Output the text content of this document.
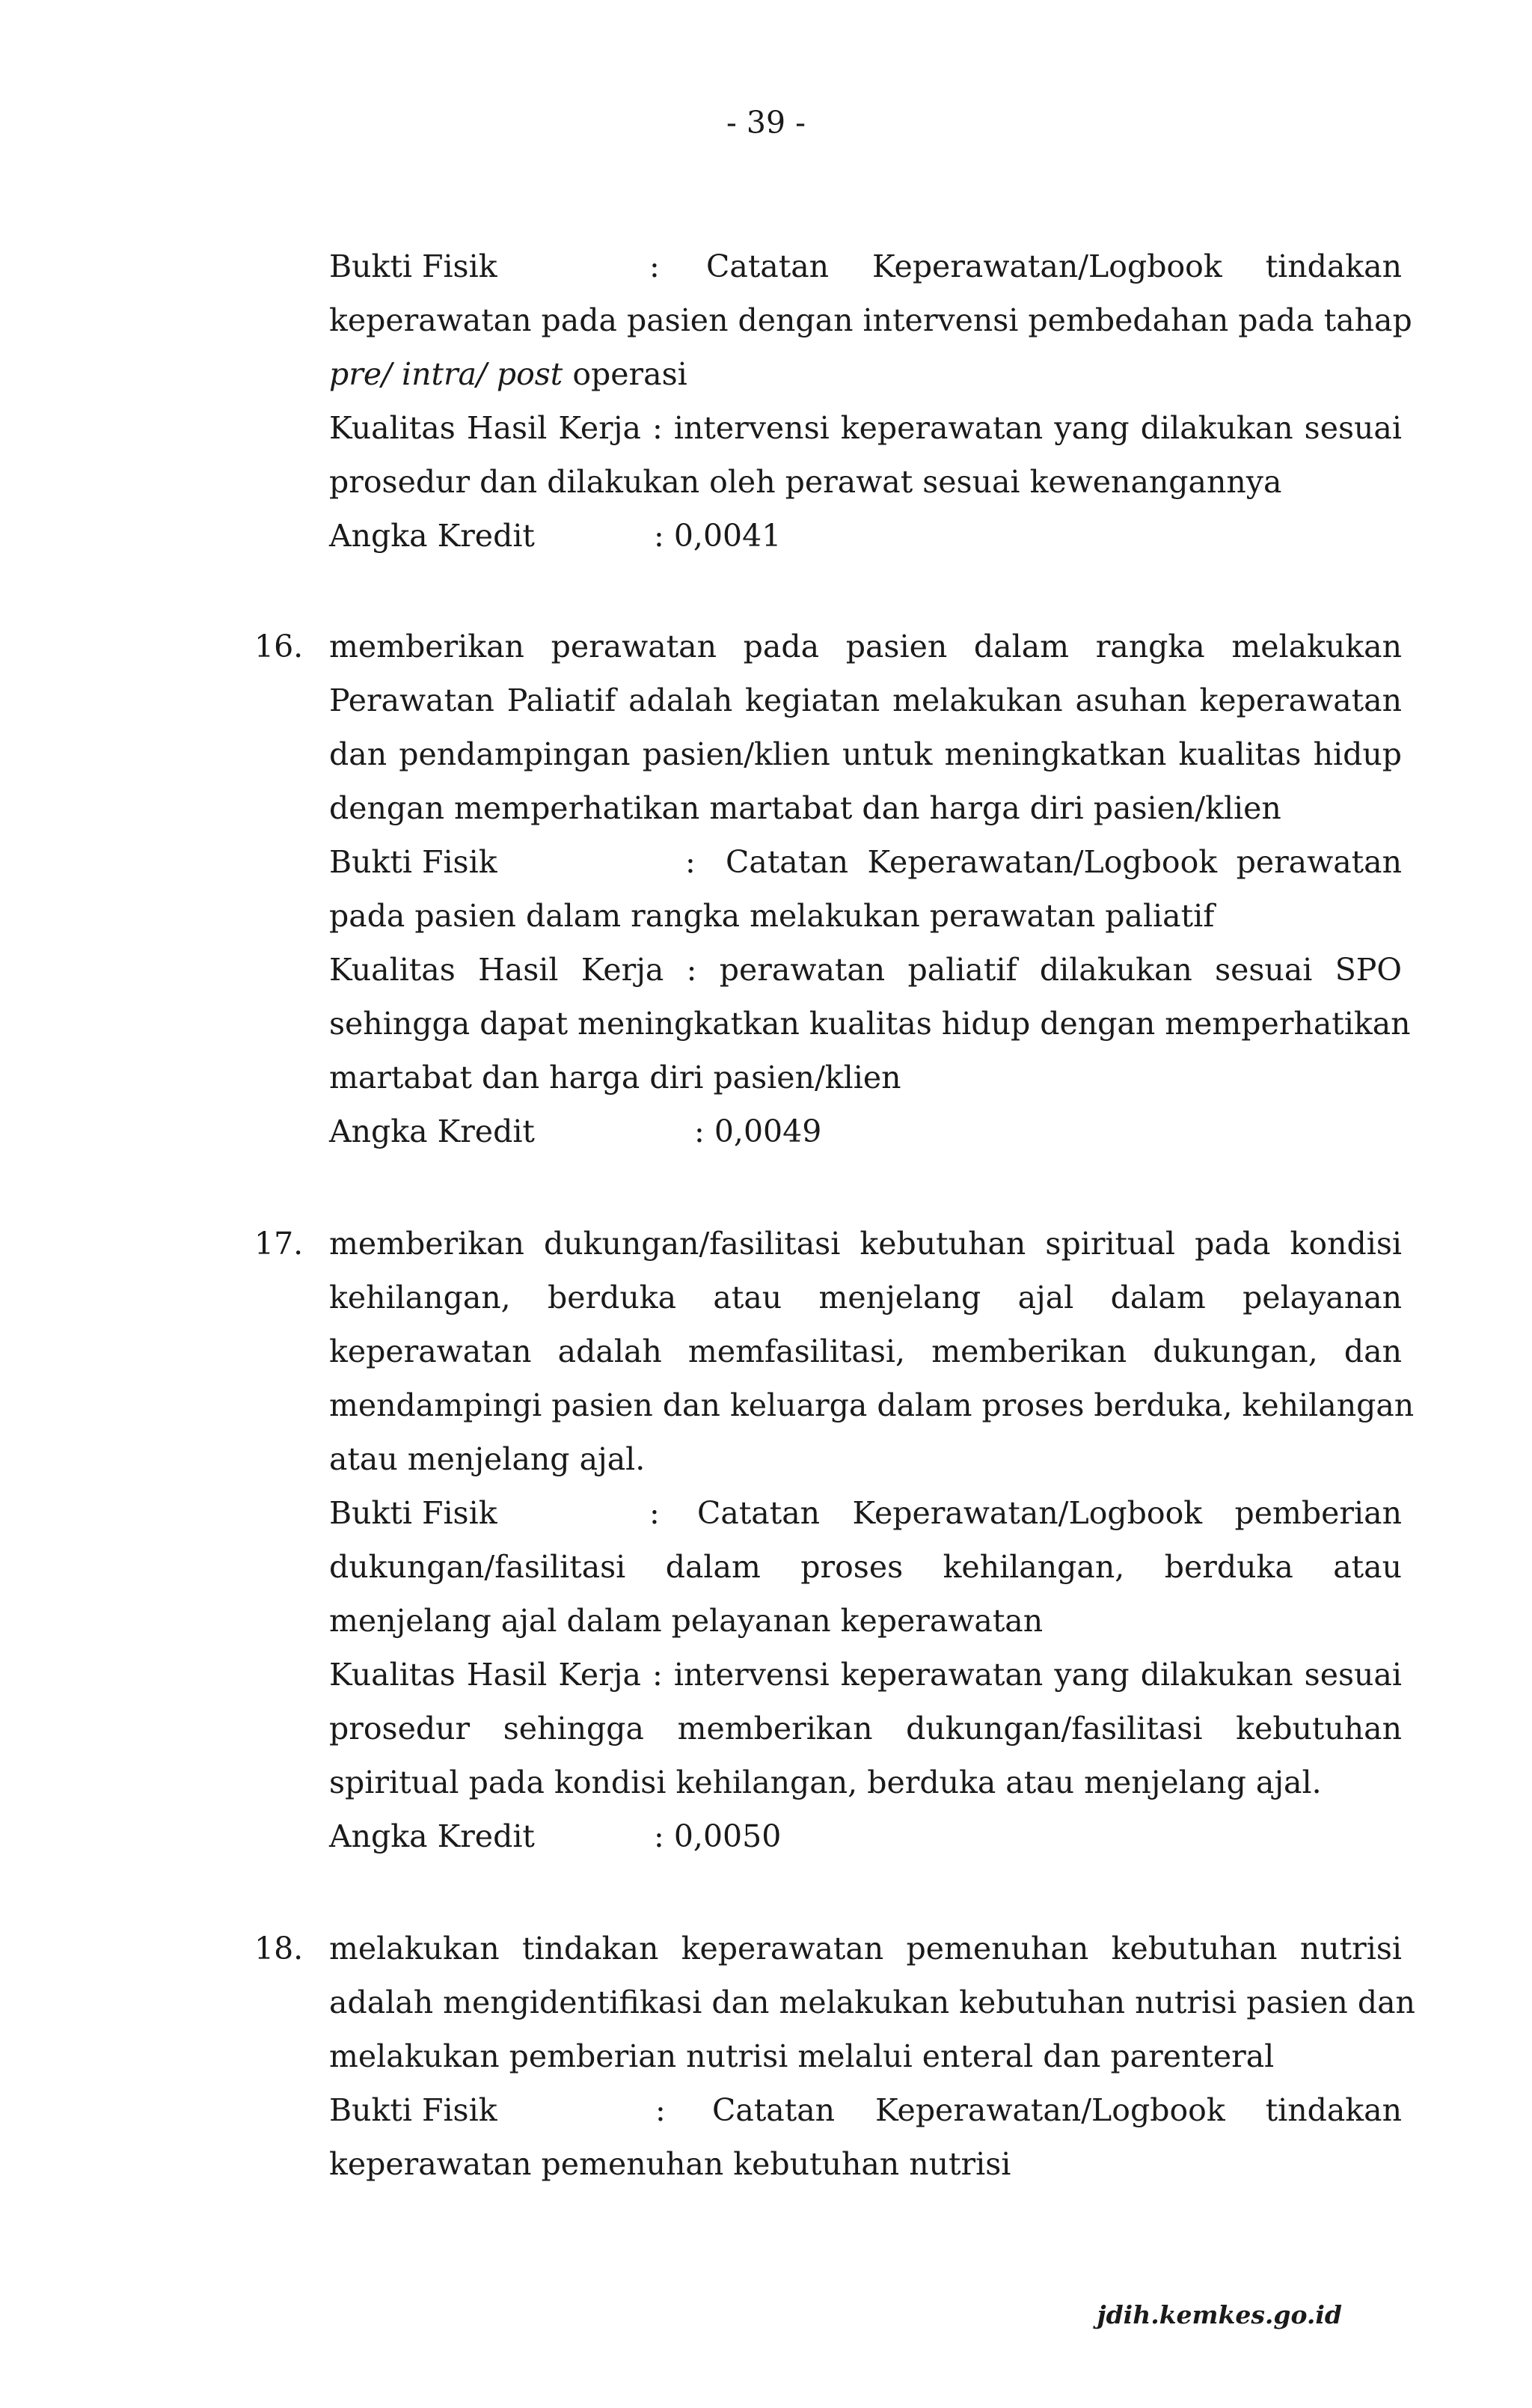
- 39 -
Bukti Fisik	: Catatan Keperawatan/Logbook tindakan
keperawatan pada pasien dengan intervensi pembedahan pada tahap
pre/ intra/ post operasi
Kualitas Hasil Kerja : intervensi keperawatan yang dilakukan sesuai
prosedur dan dilakukan oleh perawat sesuai kewenangannya
Angka Kredit	: 0,0041
16. memberikan perawatan pada pasien dalam rangka melakukan
Perawatan Paliatif adalah kegiatan melakukan asuhan keperawatan
dan pendampingan pasien/klien untuk meningkatkan kualitas hidup
dengan memperhatikan martabat dan harga diri pasien/klien
Bukti Fisik	: Catatan Keperawatan/Logbook perawatan
pada pasien dalam rangka melakukan perawatan paliatif
Kualitas Hasil Kerja : perawatan paliatif dilakukan sesuai SPO
sehingga dapat meningkatkan kualitas hidup dengan memperhatikan
martabat dan harga diri pasien/klien
Angka Kredit	: 0,0049
17. memberikan dukungan/fasilitasi kebutuhan spiritual pada kondisi
kehilangan, berduka atau menjelang ajal dalam pelayanan
keperawatan adalah memfasilitasi, memberikan dukungan, dan
mendampingi pasien dan keluarga dalam proses berduka, kehilangan
atau menjelang ajal.
Bukti Fisik	: Catatan Keperawatan/Logbook pemberian
dukungan/fasilitasi dalam proses kehilangan, berduka atau
menjelang ajal dalam pelayanan keperawatan
Kualitas Hasil Kerja : intervensi keperawatan yang dilakukan sesuai
prosedur sehingga memberikan dukungan/fasilitasi kebutuhan
spiritual pada kondisi kehilangan, berduka atau menjelang ajal.
Angka Kredit	: 0,0050
18. melakukan tindakan keperawatan pemenuhan kebutuhan nutrisi
adalah mengidentifikasi dan melakukan kebutuhan nutrisi pasien dan
melakukan pemberian nutrisi melalui enteral dan parenteral
Bukti Fisik	: Catatan Keperawatan/Logbook tindakan
keperawatan pemenuhan kebutuhan nutrisi
jdih.kemkes.go.id
